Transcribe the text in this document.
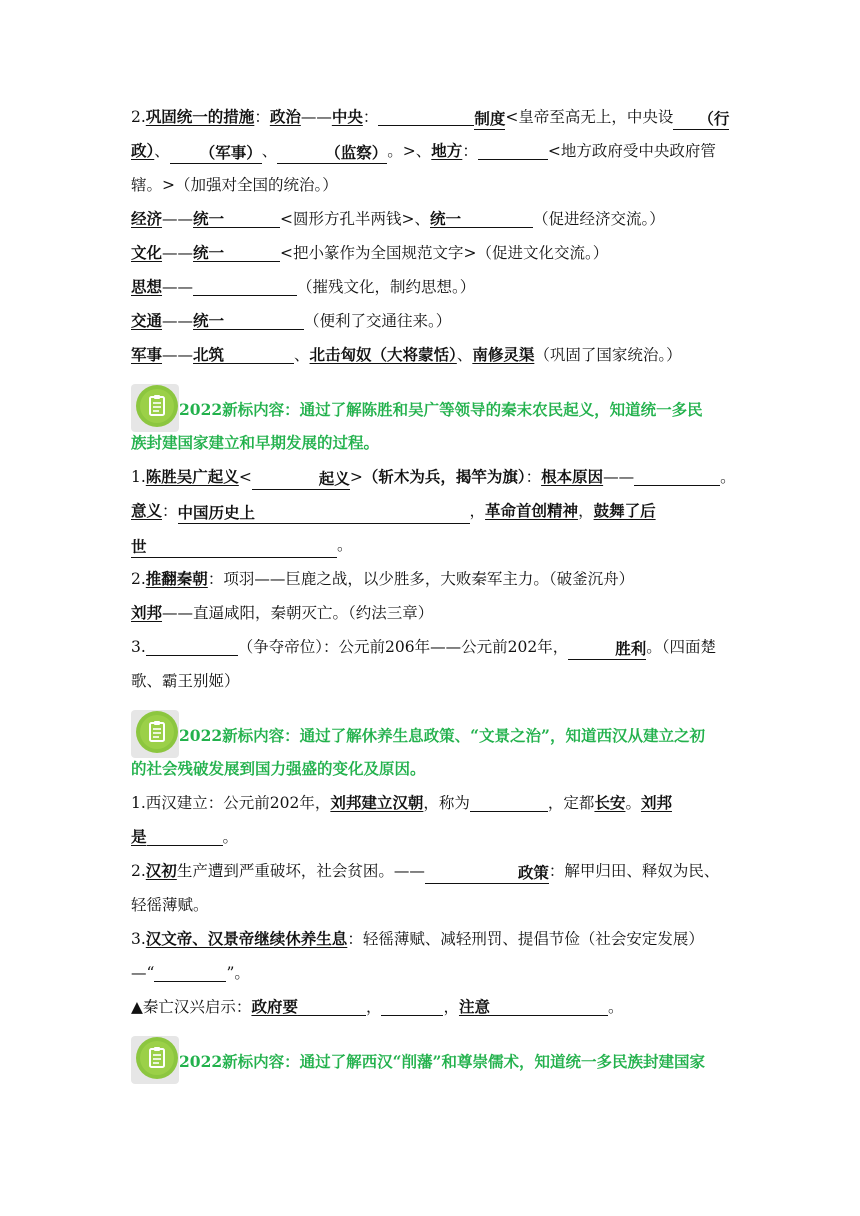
2.巩固统一的措施：政治——中央：	制度<皇帝至高无上，中央设 （行
政）、 （军事）、	（监察）。>、地方：	<地方政府受中央政府管
辖。>（加强对全国的统治。）
经济——统一	<圆形方孔半两钱>、统一	（促进经济交流。）
文化——统一	<把小篆作为全国规范文字>（促进文化交流。）
思想——	（摧残文化，制约思想。）
交通——统一	（便利了交通往来。）
军事——北筑	、北击匈奴（大将蒙恬）、南修灵渠（巩固了国家统治。）
2022新标内容：通过了解陈胜和吴广等领导的秦末农民起义，知道统一多民
族封建国家建立和早期发展的过程。
1.陈胜吴广起义<	起义>（斩木为兵，揭竿为旗）：根本原因——	。
意义：中国历史上	，革命首创精神，鼓舞了后
世	。
2.推翻秦朝：项羽——巨鹿之战，以少胜多，大败秦军主力。（破釜沉舟）
刘邦——直逼咸阳，秦朝灭亡。（约法三章）
3.	（争夺帝位）：公元前206年——公元前202年，	胜利。（四面楚
歌、霸王别姬）
2022新标内容：通过了解休养生息政策、“文景之治”，知道西汉从建立之初
的社会残破发展到国力强盛的变化及原因。
1.西汉建立：公元前202年，刘邦建立汉朝，称为	，定都长安。刘邦
是	。
2.汉初生产遭到严重破坏，社会贫困。——	政策：解甲归田、释奴为民、
轻徭薄赋。
3.汉文帝、汉景帝继续休养生息：轻徭薄赋、减轻刑罚、提倡节俭（社会安定发展）
—“	”。
▲秦亡汉兴启示：政府要	，	，注意	。
2022新标内容：通过了解西汉“削藩”和尊崇儒术，知道统一多民族封建国家
